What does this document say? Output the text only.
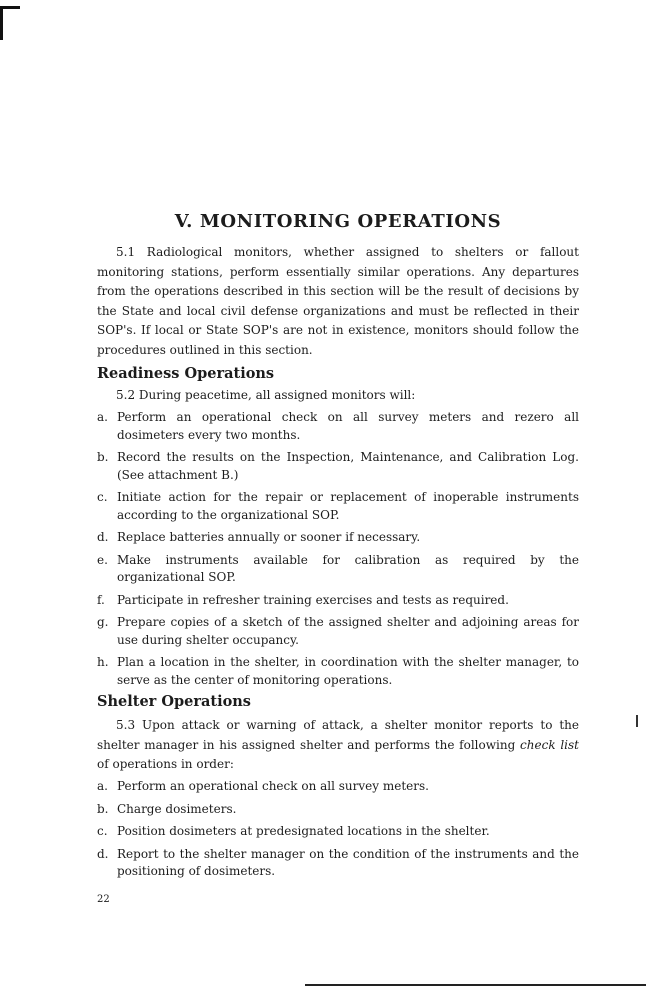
V. MONITORING OPERATIONS

5.1 Radiological monitors, whether assigned to shelters or fallout monitoring stations, perform essentially similar operations. Any departures from the operations described in this section will be the result of decisions by the State and local civil defense organizations and must be reflected in their SOP's. If local or State SOP's are not in existence, monitors should follow the procedures outlined in this section.

Readiness Operations

5.2 During peacetime, all assigned monitors will:

a. Perform an operational check on all survey meters and rezero all dosimeters every two months.
b. Record the results on the Inspection, Maintenance, and Calibration Log. (See attachment B.)
c. Initiate action for the repair or replacement of inoperable instruments according to the organizational SOP.
d. Replace batteries annually or sooner if necessary.
e. Make instruments available for calibration as required by the organizational SOP.
f. Participate in refresher training exercises and tests as required.
g. Prepare copies of a sketch of the assigned shelter and adjoining areas for use during shelter occupancy.
h. Plan a location in the shelter, in coordination with the shelter manager, to serve as the center of monitoring operations.
Shelter Operations

5.3 Upon attack or warning of attack, a shelter monitor reports to the shelter manager in his assigned shelter and performs the following check list of operations in order:

a. Perform an operational check on all survey meters.
b. Charge dosimeters.
c. Position dosimeters at predesignated locations in the shelter.
d. Report to the shelter manager on the condition of the instruments and the positioning of dosimeters.

22
